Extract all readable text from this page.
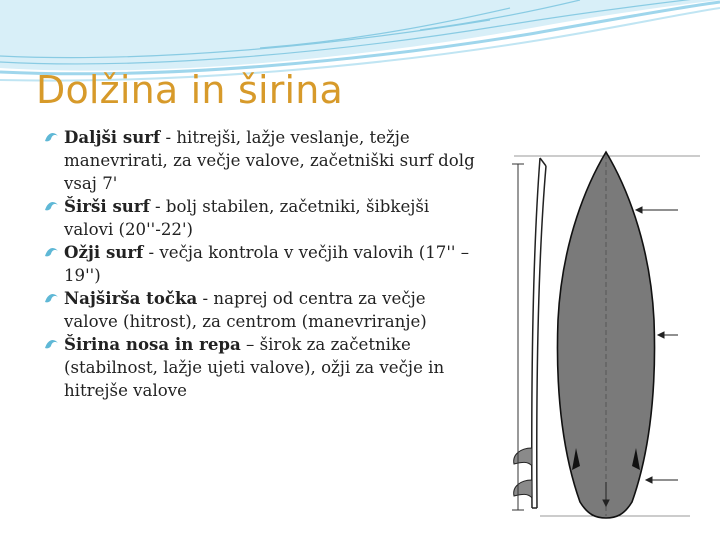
Dolžina in širina
Daljši surf - hitrejši, lažje veslanje, težje manevrirati, za večje valove, začetniški surf dolg vsaj 7'
Širši surf - bolj stabilen, začetniki, šibkejši valovi (20''-22')
Ožji surf - večja kontrola v večjih valovih (17'' – 19'')
Najširša točka - naprej od centra za večje valove (hitrost), za centrom (manevriranje)
Širina nosa in repa – širok za začetnike (stabilnost, lažje ujeti valove), ožji za večje in hitrejše valove
